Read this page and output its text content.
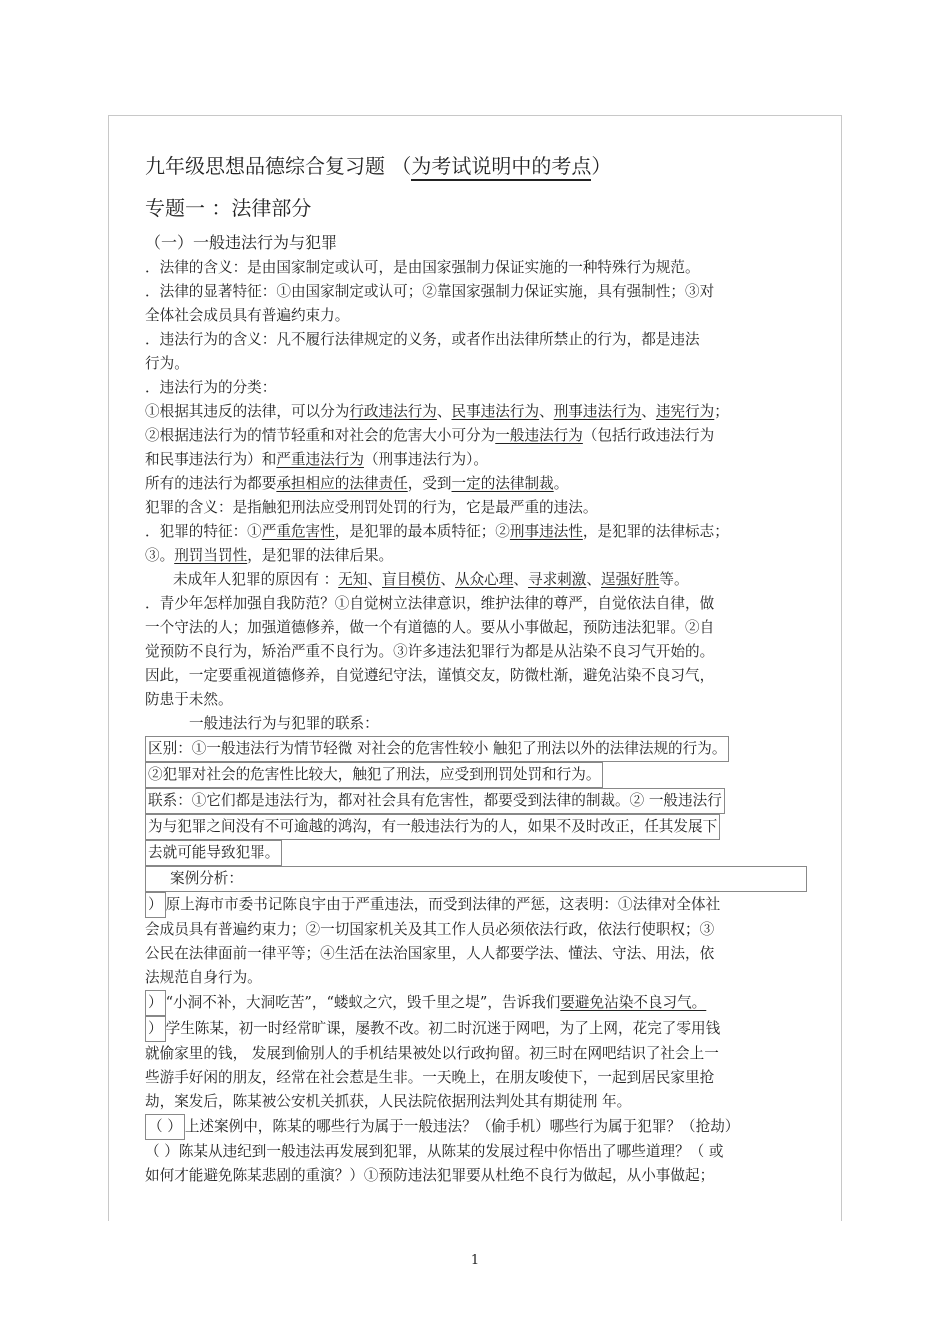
九年级思想品德综合复习题 （为考试说明中的考点）

专题一 ：法律部分

（一）一般违法行为与犯罪

．法律的含义：是由国家制定或认可，是由国家强制力保证实施的一种特殊行为规范。

．法律的显著特征：①由国家制定或认可；②靠国家强制力保证实施，具有强制性；③对

全体社会成员具有普遍约束力。

．违法行为的含义：凡不履行法律规定的义务，或者作出法律所禁止的行为，都是违法

行为。

．违法行为的分类：

①根据其违反的法律，可以分为行政违法行为、民事违法行为、刑事违法行为、违宪行为；

②根据违法行为的情节轻重和对社会的危害大小可分为一般违法行为（包括行政违法行为

和民事违法行为）和严重违法行为（刑事违法行为）。

所有的违法行为都要承担相应的法律责任，受到一定的法律制裁。

犯罪的含义：是指触犯刑法应受刑罚处罚的行为，它是最严重的违法。

．犯罪的特征：①严重危害性，是犯罪的最本质特征；②刑事违法性，是犯罪的法律标志；

③。刑罚当罚性，是犯罪的法律后果。

未成年人犯罪的原因有 ：无知、盲目模仿、从众心理、寻求刺激、逞强好胜等。

．青少年怎样加强自我防范？①自觉树立法律意识，维护法律的尊严，自觉依法自律，做

一个守法的人；加强道德修养，做一个有道德的人。要从小事做起，预防违法犯罪。②自

觉预防不良行为，矫治严重不良行为。③许多违法犯罪行为都是从沾染不良习气开始的。

因此，一定要重视道德修养，自觉遵纪守法，谨慎交友，防微杜渐，避免沾染不良习气，

防患于未然。

一般违法行为与犯罪的联系：

区别：①一般违法行为情节轻微 对社会的危害性较小 触犯了刑法以外的法律法规的行为。

②犯罪对社会的危害性比较大，触犯了刑法，应受到刑罚处罚和行为。

联系：①它们都是违法行为，都对社会具有危害性，都要受到法律的制裁。② 一般违法行

为与犯罪之间没有不可逾越的鸿沟，有一般违法行为的人，如果不及时改正，任其发展下

去就可能导致犯罪。

案例分析：

） 原上海市市委书记陈良宇由于严重违法，而受到法律的严惩，这表明：①法律对全体社

会成员具有普遍约束力；②一切国家机关及其工作人员必须依法行政，依法行使职权；③

公民在法律面前一律平等；④生活在法治国家里，人人都要学法、懂法、守法、用法，依

法规范自身行为。

） “小洞不补，大洞吃苦”，“蝼蚁之穴，毁千里之堤”，告诉我们要避免沾染不良习气。

） 学生陈某，初一时经常旷课，屡教不改。初二时沉迷于网吧，为了上网，花完了零用钱

就偷家里的钱， 发展到偷别人的手机结果被处以行政拘留。初三时在网吧结识了社会上一

些游手好闲的朋友，经常在社会惹是生非。一天晚上，在朋友唆使下，一起到居民家里抢

劫，案发后，陈某被公安机关抓获，人民法院依据刑法判处其有期徒刑 年。

（ ） 上述案例中，陈某的哪些行为属于一般违法？（偷手机）哪些行为属于犯罪？（抢劫）

（ ）陈某从违纪到一般违法再发展到犯罪，从陈某的发展过程中你悟出了哪些道理？（ 或

如何才能避免陈某悲剧的重演？）①预防违法犯罪要从杜绝不良行为做起，从小事做起；

1
